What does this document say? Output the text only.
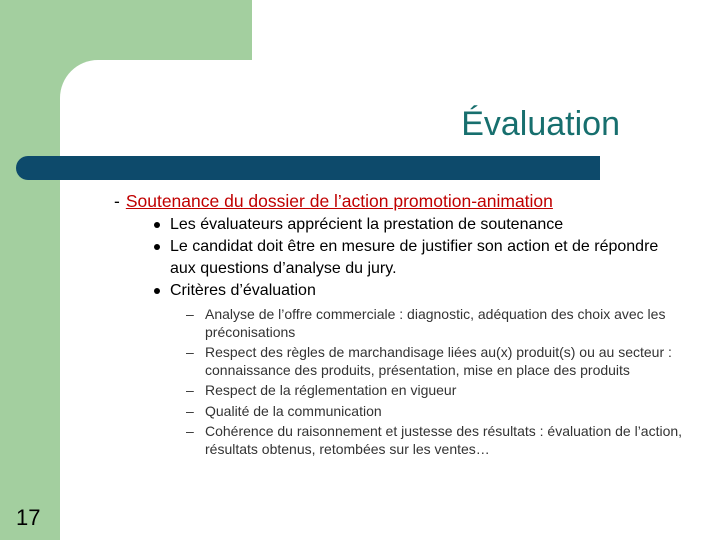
Évaluation
- Soutenance du dossier de l’action promotion-animation
Les évaluateurs apprécient la prestation de soutenance
Le candidat doit être en mesure de justifier son action et de répondre aux questions d’analyse du jury.
Critères d’évaluation
– Analyse de l’offre commerciale : diagnostic, adéquation des choix avec les préconisations
– Respect des règles de marchandisage liées au(x) produit(s) ou au secteur : connaissance des produits, présentation, mise en place des produits
– Respect de la réglementation en vigueur
– Qualité de la communication
– Cohérence du raisonnement et justesse des résultats : évaluation de l’action, résultats obtenus, retombées sur les ventes…
17
